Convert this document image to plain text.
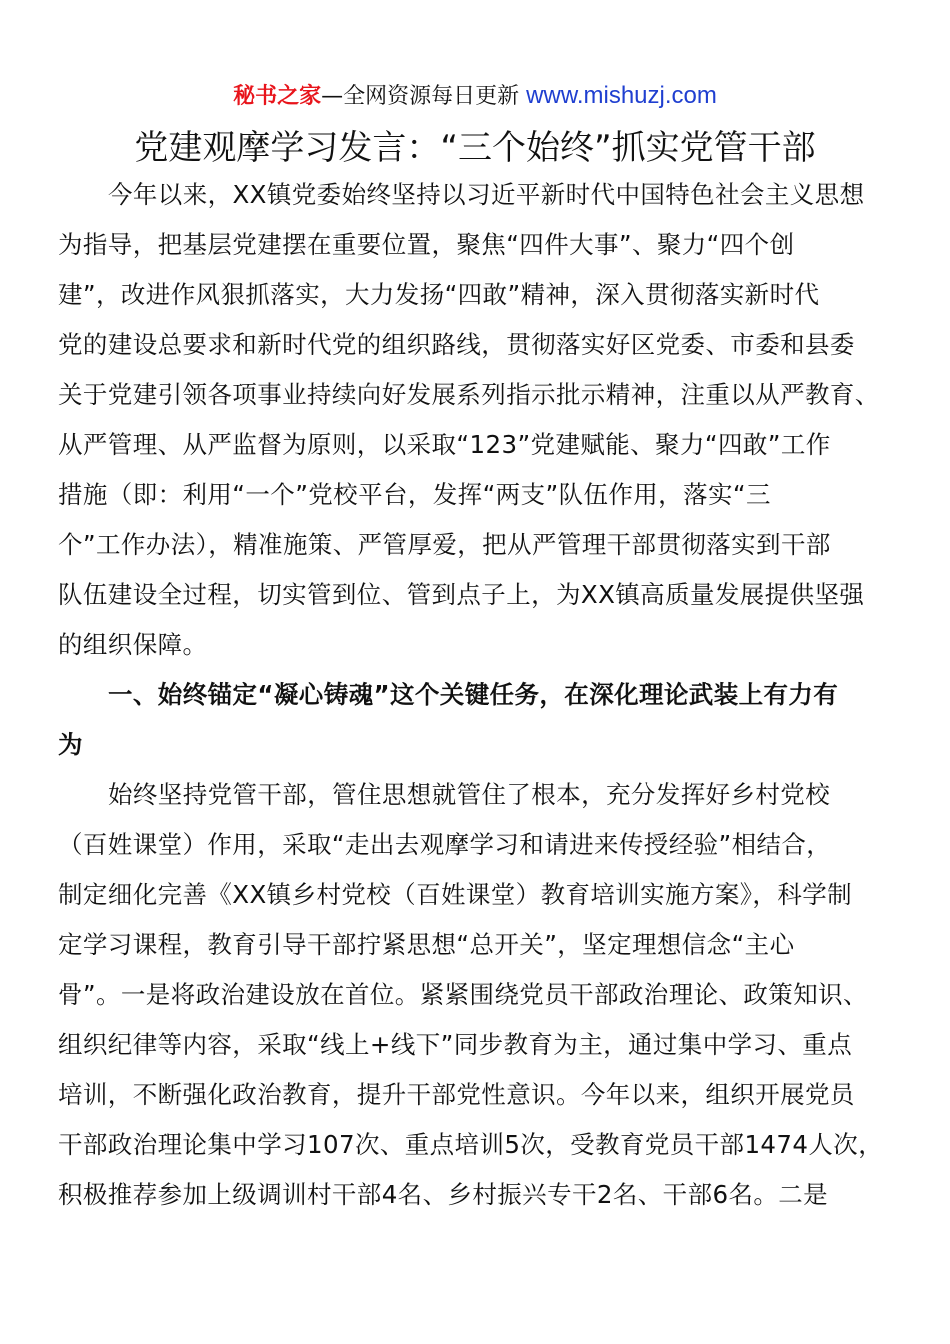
秘书之家—全网资源每日更新 www.mishuzj.com
党建观摩学习发言：“三个始终”抓实党管干部
今年以来，XX镇党委始终坚持以习近平新时代中国特色社会主义思想
为指导，把基层党建摆在重要位置，聚焦“四件大事”、聚力“四个创
建”，改进作风狠抓落实，大力发扬“四敢”精神，深入贯彻落实新时代
党的建设总要求和新时代党的组织路线，贯彻落实好区党委、市委和县委
关于党建引领各项事业持续向好发展系列指示批示精神，注重以从严教育、
从严管理、从严监督为原则，以采取“123”党建赋能、聚力“四敢”工作
措施（即：利用“一个”党校平台，发挥“两支”队伍作用，落实“三
个”工作办法），精准施策、严管厚爱，把从严管理干部贯彻落实到干部
队伍建设全过程，切实管到位、管到点子上，为XX镇高质量发展提供坚强
的组织保障。
一、始终锚定“凝心铸魂”这个关键任务，在深化理论武装上有力有
为
始终坚持党管干部，管住思想就管住了根本，充分发挥好乡村党校
（百姓课堂）作用，采取“走出去观摩学习和请进来传授经验”相结合，
制定细化完善《XX镇乡村党校（百姓课堂）教育培训实施方案》，科学制
定学习课程，教育引导干部拧紧思想“总开关”，坚定理想信念“主心
骨”。一是将政治建设放在首位。紧紧围绕党员干部政治理论、政策知识、
组织纪律等内容，采取“线上+线下”同步教育为主，通过集中学习、重点
培训，不断强化政治教育，提升干部党性意识。今年以来，组织开展党员
干部政治理论集中学习107次、重点培训5次，受教育党员干部1474人次，
积极推荐参加上级调训村干部4名、乡村振兴专干2名、干部6名。二是
